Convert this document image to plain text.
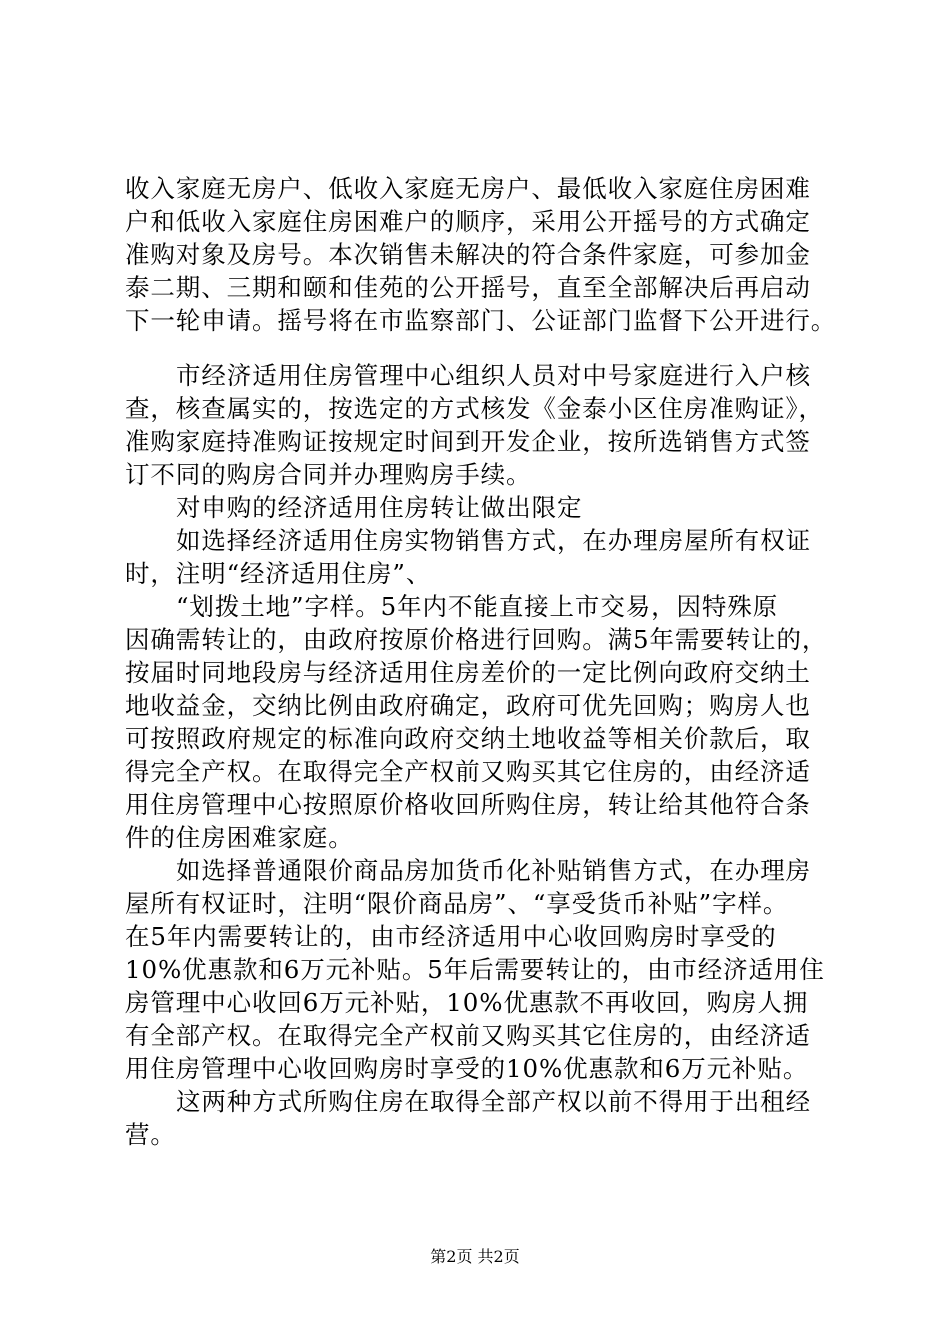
收入家庭无房户、低收入家庭无房户、最低收入家庭住房困难
户和低收入家庭住房困难户的顺序，采用公开摇号的方式确定
准购对象及房号。本次销售未解决的符合条件家庭，可参加金
泰二期、三期和颐和佳苑的公开摇号，直至全部解决后再启动
下一轮申请。摇号将在市监察部门、公证部门监督下公开进行。
市经济适用住房管理中心组织人员对中号家庭进行入户核
查，核查属实的，按选定的方式核发《金泰小区住房准购证》，
准购家庭持准购证按规定时间到开发企业，按所选销售方式签
订不同的购房合同并办理购房手续。
对申购的经济适用住房转让做出限定
如选择经济适用住房实物销售方式，在办理房屋所有权证
时，注明“经济适用住房”、
“划拨土地”字样。5年内不能直接上市交易，因特殊原
因确需转让的，由政府按原价格进行回购。满5年需要转让的，
按届时同地段房与经济适用住房差价的一定比例向政府交纳土
地收益金，交纳比例由政府确定，政府可优先回购；购房人也
可按照政府规定的标准向政府交纳土地收益等相关价款后，取
得完全产权。在取得完全产权前又购买其它住房的，由经济适
用住房管理中心按照原价格收回所购住房，转让给其他符合条
件的住房困难家庭。
如选择普通限价商品房加货币化补贴销售方式，在办理房
屋所有权证时，注明“限价商品房”、“享受货币补贴”字样。
在5年内需要转让的，由市经济适用中心收回购房时享受的
10%优惠款和6万元补贴。5年后需要转让的，由市经济适用住
房管理中心收回6万元补贴，10%优惠款不再收回，购房人拥
有全部产权。在取得完全产权前又购买其它住房的，由经济适
用住房管理中心收回购房时享受的10%优惠款和6万元补贴。
这两种方式所购住房在取得全部产权以前不得用于出租经
营。
第2页 共2页
